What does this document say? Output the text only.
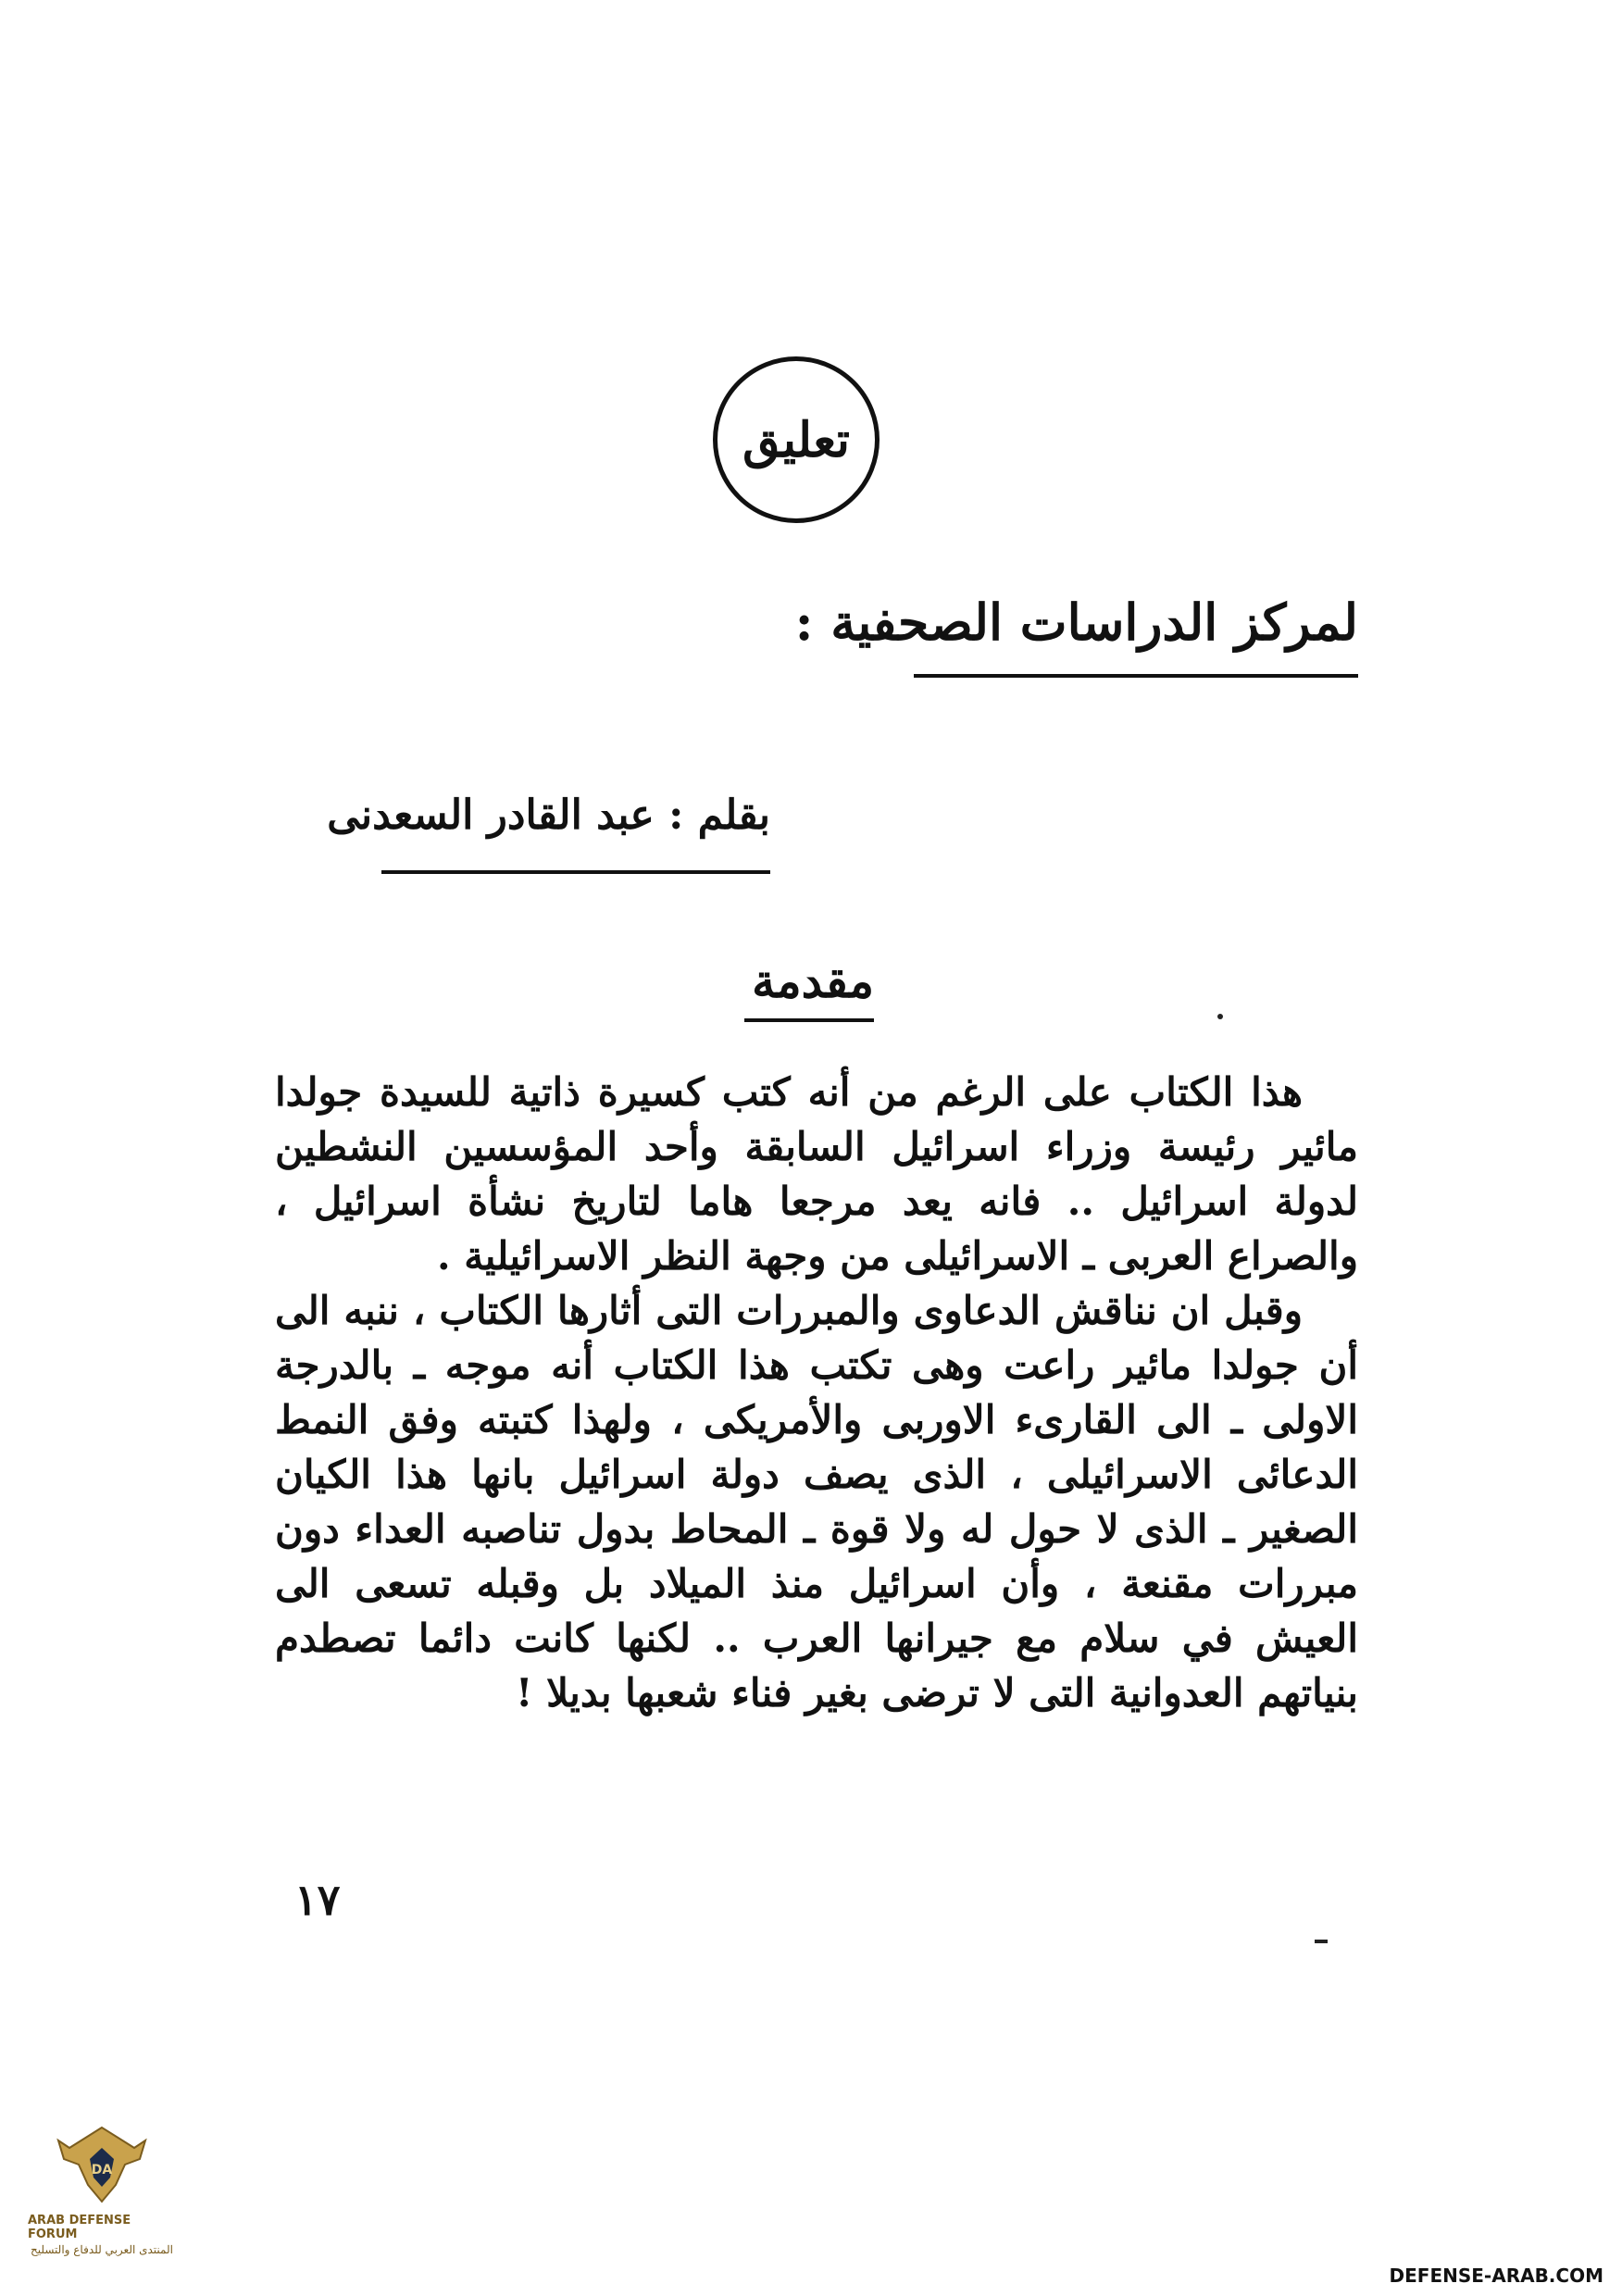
تعليق
لمركز الدراسات الصحفية :
بقلم : عبد القادر السعدنى
مقدمة

هذا الكتاب على الرغم من أنه كتب كسيرة ذاتية للسيدة جولدا مائير رئيسة وزراء اسرائيل السابقة وأحد المؤسسين النشطين لدولة اسرائيل .. فانه يعد مرجعا هاما لتاريخ نشأة اسرائيل ، والصراع العربى ـ الاسرائيلى من وجهة النظر الاسرائيلية .

وقبل ان نناقش الدعاوى والمبررات التى أثارها الكتاب ، ننبه الى أن جولدا مائير راعت وهى تكتب هذا الكتاب أنه موجه ـ بالدرجة الاولى ـ الى القارىء الاوربى والأمريكى ، ولهذا كتبته وفق النمط الدعائى الاسرائيلى ، الذى يصف دولة اسرائيل بانها هذا الكيان الصغير ـ الذى لا حول له ولا قوة ـ المحاط بدول تناصبه العداء دون مبررات مقنعة ، وأن اسرائيل منذ الميلاد بل وقبله تسعى الى العيش في سلام مع جيرانها العرب .. لكنها كانت دائما تصطدم بنياتهم العدوانية التى لا ترضى بغير فناء شعبها بديلا !

١٧
DA
ARAB DEFENSE FORUM
المنتدى العربي للدفاع والتسليح
DEFENSE-ARAB.COM
